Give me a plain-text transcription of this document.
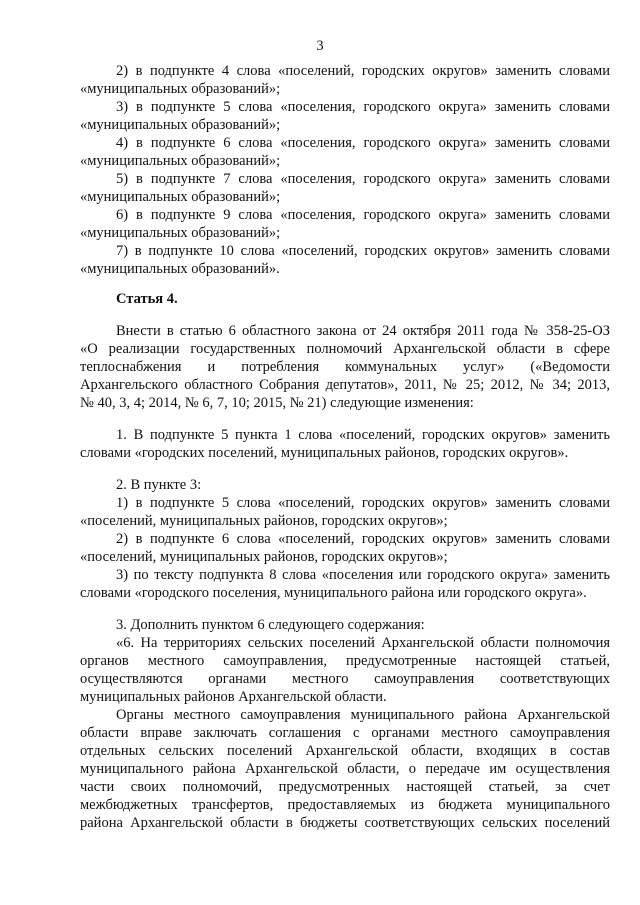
3
2) в подпункте 4 слова «поселений, городских округов» заменить словами
«муниципальных образований»;
3) в подпункте 5 слова «поселения, городского округа» заменить словами
«муниципальных образований»;
4) в подпункте 6 слова «поселения, городского округа» заменить словами
«муниципальных образований»;
5) в подпункте 7 слова «поселения, городского округа» заменить словами
«муниципальных образований»;
6) в подпункте 9 слова «поселения, городского округа» заменить словами
«муниципальных образований»;
7) в подпункте 10 слова «поселений, городских округов» заменить словами
«муниципальных образований».
Статья 4.
Внести в статью 6 областного закона от 24 октября 2011 года № 358-25-ОЗ
«О реализации государственных полномочий Архангельской области в сфере
теплоснабжения и потребления коммунальных услуг» («Ведомости
Архангельского областного Собрания депутатов», 2011, № 25; 2012, № 34; 2013,
№ 40, 3, 4; 2014, № 6, 7, 10; 2015, № 21) следующие изменения:
1. В подпункте 5 пункта 1 слова «поселений, городских округов» заменить
словами «городских поселений, муниципальных районов, городских округов».
2. В пункте 3:
1) в подпункте 5 слова «поселений, городских округов» заменить словами
«поселений, муниципальных районов, городских округов»;
2) в подпункте 6 слова «поселений, городских округов» заменить словами
«поселений, муниципальных районов, городских округов»;
3) по тексту подпункта 8 слова «поселения или городского округа» заменить
словами «городского поселения, муниципального района или городского округа».
3. Дополнить пунктом 6 следующего содержания:
«6. На территориях сельских поселений Архангельской области полномочия
органов местного самоуправления, предусмотренные настоящей статьей,
осуществляются органами местного самоуправления соответствующих
муниципальных районов Архангельской области.
Органы местного самоуправления муниципального района Архангельской
области вправе заключать соглашения с органами местного самоуправления
отдельных сельских поселений Архангельской области, входящих в состав
муниципального района Архангельской области, о передаче им осуществления
части своих полномочий, предусмотренных настоящей статьей, за счет
межбюджетных трансфертов, предоставляемых из бюджета муниципального
района Архангельской области в бюджеты соответствующих сельских поселений
